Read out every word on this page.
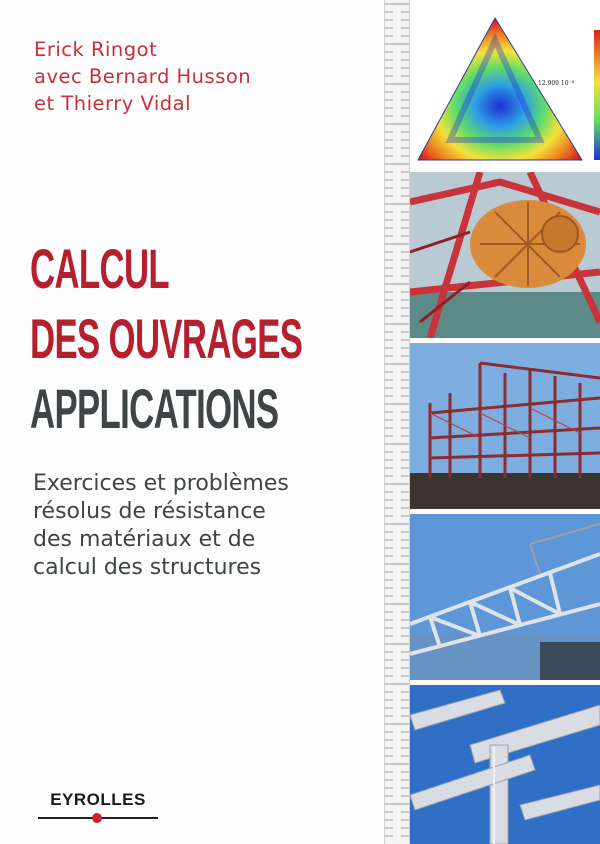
Erick Ringot
avec Bernard Husson
et Thierry Vidal
CALCUL
DES OUVRAGES
APPLICATIONS
Exercices et problèmes
résolus de résistance
des matériaux et de
calcul des structures
12.909 10⁻⁸
EYROLLES
